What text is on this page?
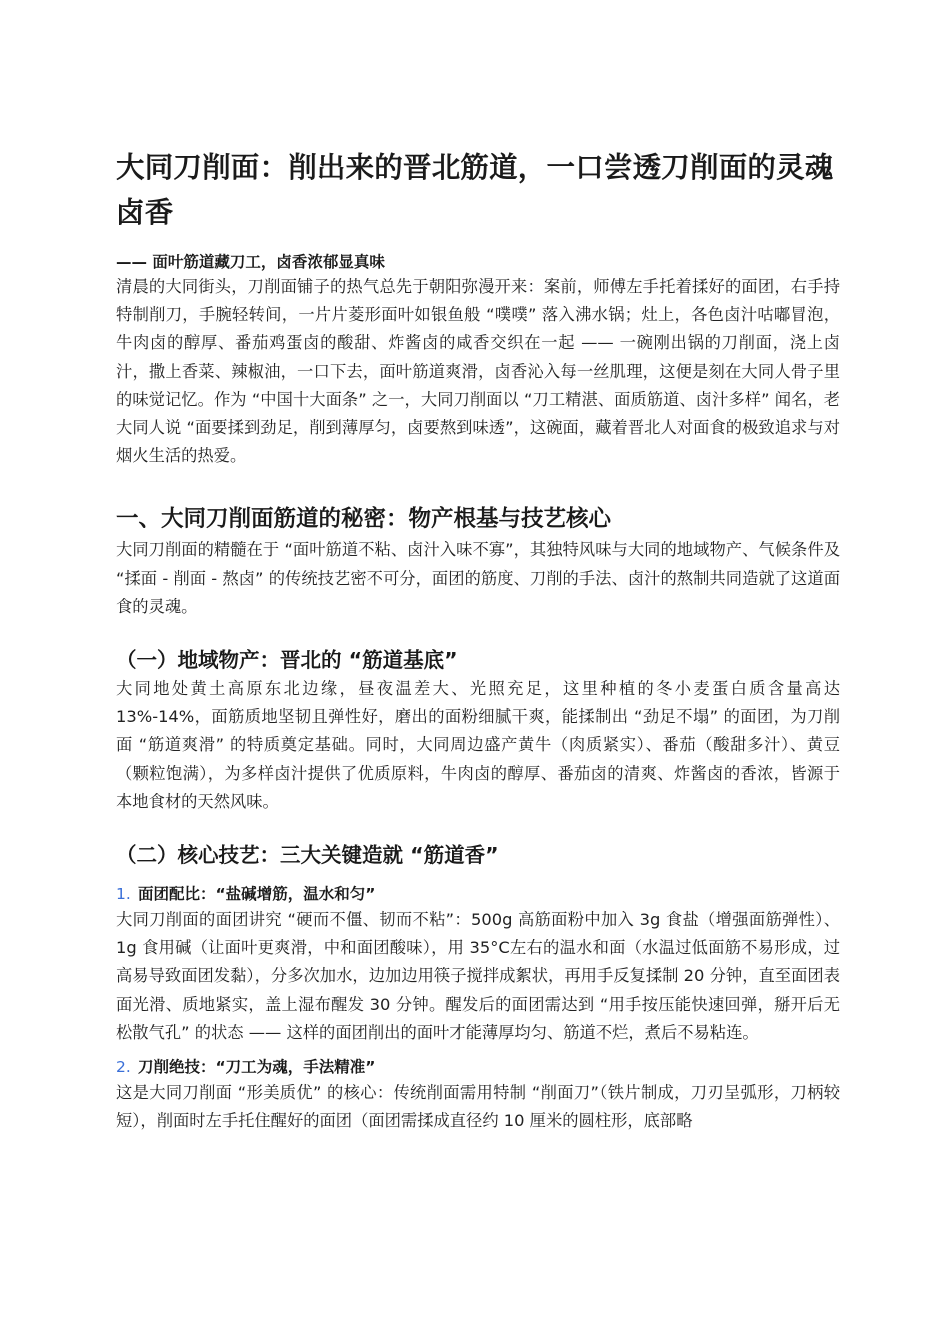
大同刀削面：削出来的晋北筋道，一口尝透刀削面的灵魂卤香
—— 面叶筋道藏刀工，卤香浓郁显真味

清晨的大同街头，刀削面铺子的热气总先于朝阳弥漫开来：案前，师傅左手托着揉好的面团，右手持特制削刀，手腕轻转间，一片片菱形面叶如银鱼般 “噗噗” 落入沸水锅；灶上，各色卤汁咕嘟冒泡，牛肉卤的醇厚、番茄鸡蛋卤的酸甜、炸酱卤的咸香交织在一起 —— 一碗刚出锅的刀削面，浇上卤汁，撒上香菜、辣椒油，一口下去，面叶筋道爽滑，卤香沁入每一丝肌理，这便是刻在大同人骨子里的味觉记忆。作为 “中国十大面条” 之一，大同刀削面以 “刀工精湛、面质筋道、卤汁多样” 闻名，老大同人说 “面要揉到劲足，削到薄厚匀，卤要熬到味透”，这碗面，藏着晋北人对面食的极致追求与对烟火生活的热爱。

一、大同刀削面筋道的秘密：物产根基与技艺核心

大同刀削面的精髓在于 “面叶筋道不粘、卤汁入味不寡”，其独特风味与大同的地域物产、气候条件及 “揉面 - 削面 - 熬卤” 的传统技艺密不可分，面团的筋度、刀削的手法、卤汁的熬制共同造就了这道面食的灵魂。

（一）地域物产：晋北的 “筋道基底”

大同地处黄土高原东北边缘，昼夜温差大、光照充足，这里种植的冬小麦蛋白质含量高达 13%-14%，面筋质地坚韧且弹性好，磨出的面粉细腻干爽，能揉制出 “劲足不塌” 的面团，为刀削面 “筋道爽滑” 的特质奠定基础。同时，大同周边盛产黄牛（肉质紧实）、番茄（酸甜多汁）、黄豆（颗粒饱满），为多样卤汁提供了优质原料，牛肉卤的醇厚、番茄卤的清爽、炸酱卤的香浓，皆源于本地食材的天然风味。

（二）核心技艺：三大关键造就 “筋道香”
1. 面团配比：“盐碱增筋，温水和匀”

大同刀削面的面团讲究 “硬而不僵、韧而不粘”：500g 高筋面粉中加入 3g 食盐（增强面筋弹性）、1g 食用碱（让面叶更爽滑，中和面团酸味），用 35°C左右的温水和面（水温过低面筋不易形成，过高易导致面团发黏），分多次加水，边加边用筷子搅拌成絮状，再用手反复揉制 20 分钟，直至面团表面光滑、质地紧实，盖上湿布醒发 30 分钟。醒发后的面团需达到 “用手按压能快速回弹，掰开后无松散气孔” 的状态 —— 这样的面团削出的面叶才能薄厚均匀、筋道不烂，煮后不易粘连。

2. 刀削绝技：“刀工为魂，手法精准”

这是大同刀削面 “形美质优” 的核心：传统削面需用特制 “削面刀”（铁片制成，刀刃呈弧形，刀柄较短），削面时左手托住醒好的面团（面团需揉成直径约 10 厘米的圆柱形，底部略
